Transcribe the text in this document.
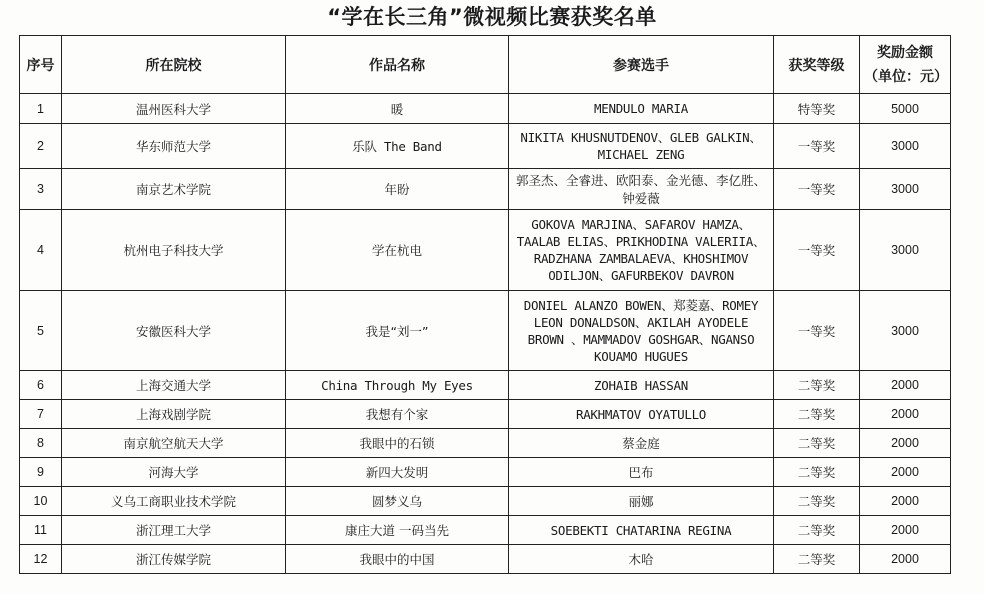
“学在长三角”微视频比赛获奖名单
序号	所在院校	作品名称	参赛选手	获奖等级	奖励金额
（单位：元）

1	温州医科大学	暖	MENDULO MARIA	特等奖	5000
2	华东师范大学	乐队 The Band	NIKITA KHUSNUTDENOV、GLEB GALKIN、MICHAEL ZENG	一等奖	3000
3	南京艺术学院	年盼	郭圣杰、全睿进、欧阳泰、金光德、李亿胜、钟爱薇	一等奖	3000
4	杭州电子科技大学	学在杭电	GOKOVA MARJINA、SAFAROV HAMZA、TAALAB ELIAS、PRIKHODINA VALERIIA、RADZHANA ZAMBALAEVA、KHOSHIMOV ODILJON、GAFURBEKOV DAVRON	一等奖	3000
5	安徽医科大学	我是“刘一”	DONIEL ALANZO BOWEN、郑菱嘉、ROMEY LEON DONALDSON、AKILAH AYODELE BROWN 、MAMMADOV GOSHGAR、NGANSO KOUAMO HUGUES	一等奖	3000
6	上海交通大学	China Through My Eyes	ZOHAIB HASSAN	二等奖	2000
7	上海戏剧学院	我想有个家	RAKHMATOV OYATULLO	二等奖	2000
8	南京航空航天大学	我眼中的石锁	蔡金庭	二等奖	2000
9	河海大学	新四大发明	巴布	二等奖	2000
10	义乌工商职业技术学院	圆梦义乌	丽娜	二等奖	2000
11	浙江理工大学	康庄大道 一码当先	SOEBEKTI CHATARINA REGINA	二等奖	2000
12	浙江传媒学院	我眼中的中国	木哈	二等奖	2000
